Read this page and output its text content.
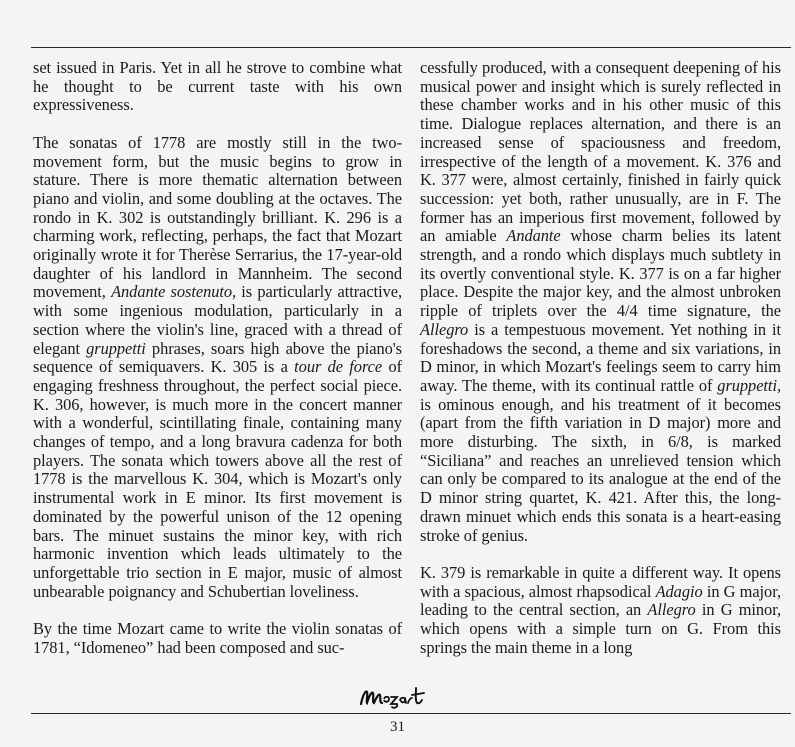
set issued in Paris. Yet in all he strove to combine what he thought to be current taste with his own expressiveness.

The sonatas of 1778 are mostly still in the two-movement form, but the music begins to grow in stature. There is more thematic alternation between piano and violin, and some doubling at the octaves. The rondo in K. 302 is outstandingly brilliant. K. 296 is a charming work, reflecting, perhaps, the fact that Mozart originally wrote it for Therèse Serrarius, the 17-year-old daughter of his landlord in Mannheim. The second movement, Andante sostenuto, is particularly attractive, with some ingenious modulation, particularly in a section where the violin's line, graced with a thread of elegant gruppetti phrases, soars high above the piano's sequence of semiquavers. K. 305 is a tour de force of engaging freshness throughout, the perfect social piece. K. 306, however, is much more in the concert manner with a wonderful, scintillating finale, containing many changes of tempo, and a long bravura cadenza for both players. The sonata which towers above all the rest of 1778 is the marvellous K. 304, which is Mozart's only instrumental work in E minor. Its first movement is dominated by the powerful unison of the 12 opening bars. The minuet sustains the minor key, with rich harmonic invention which leads ultimately to the unforgettable trio section in E major, music of almost unbearable poignancy and Schubertian loveliness.

By the time Mozart came to write the violin sonatas of 1781, “Idomeneo” had been composed and suc-

cessfully produced, with a consequent deepening of his musical power and insight which is surely reflected in these chamber works and in his other music of this time. Dialogue replaces alternation, and there is an increased sense of spaciousness and freedom, irrespective of the length of a movement. K. 376 and K. 377 were, almost certainly, finished in fairly quick succession: yet both, rather unusually, are in F. The former has an imperious first movement, followed by an amiable Andante whose charm belies its latent strength, and a rondo which displays much subtlety in its overtly conventional style. K. 377 is on a far higher place. Despite the major key, and the almost unbroken ripple of triplets over the 4/4 time signature, the Allegro is a tempestuous movement. Yet nothing in it foreshadows the second, a theme and six variations, in D minor, in which Mozart's feelings seem to carry him away. The theme, with its continual rattle of gruppetti, is ominous enough, and his treatment of it becomes (apart from the fifth variation in D major) more and more disturbing. The sixth, in 6/8, is marked “Siciliana” and reaches an unrelieved tension which can only be compared to its analogue at the end of the D minor string quartet, K. 421. After this, the long-drawn minuet which ends this sonata is a heart-easing stroke of genius.

K. 379 is remarkable in quite a different way. It opens with a spacious, almost rhapsodical Adagio in G major, leading to the central section, an Allegro in G minor, which opens with a simple turn on G. From this springs the main theme in a long

31
